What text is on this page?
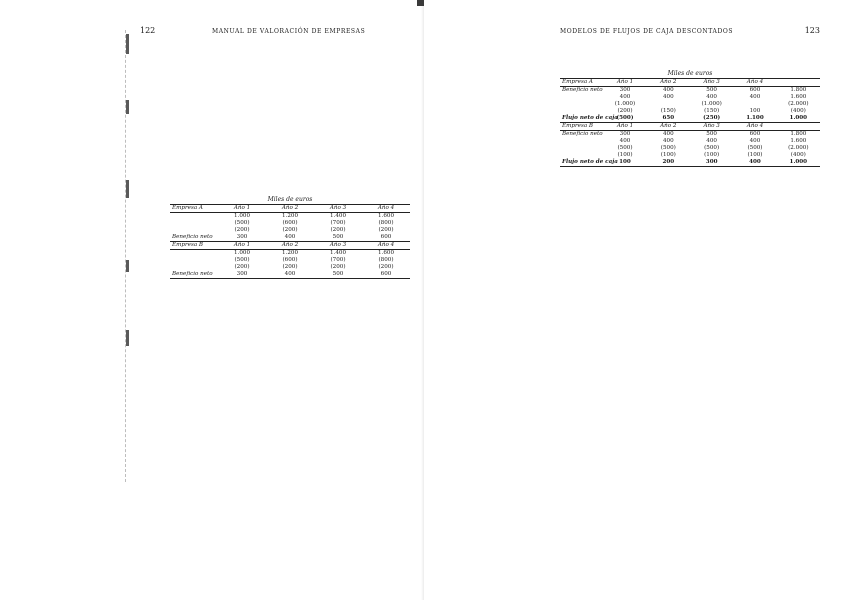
122	MANUAL DE VALORACIÓN DE EMPRESAS

Miles de euros
Empresa A	Año 1	Año 2	Año 3	Año 4
	1.000	1.200	1.400	1.600
	(500)	(600)	(700)	(800)
	(200)	(200)	(200)	(200)
Beneficio neto	300	400	500	600
Empresa B	Año 1	Año 2	Año 3	Año 4
	1.000	1.200	1.400	1.600
	(500)	(600)	(700)	(800)
	(200)	(200)	(200)	(200)
Beneficio neto	300	400	500	600

MODELOS DE FLUJOS DE CAJA DESCONTADOS	123

Miles de euros
Empresa A	Año 1	Año 2	Año 3	Año 4	
Beneficio neto	300	400	500	600	1.800
	400	400	400	400	1.600
	(1.000)		(1.000)		(2.000)
	(200)	(150)	(150)	100	(400)
Flujo neto de caja	(500)	650	(250)	1.100	1.000
Empresa B	Año 1	Año 2	Año 3	Año 4	
Beneficio neto	300	400	500	600	1.800
	400	400	400	400	1.600
	(500)	(500)	(500)	(500)	(2.000)
	(100)	(100)	(100)	(100)	(400)
Flujo neto de caja	100	200	300	400	1.000
